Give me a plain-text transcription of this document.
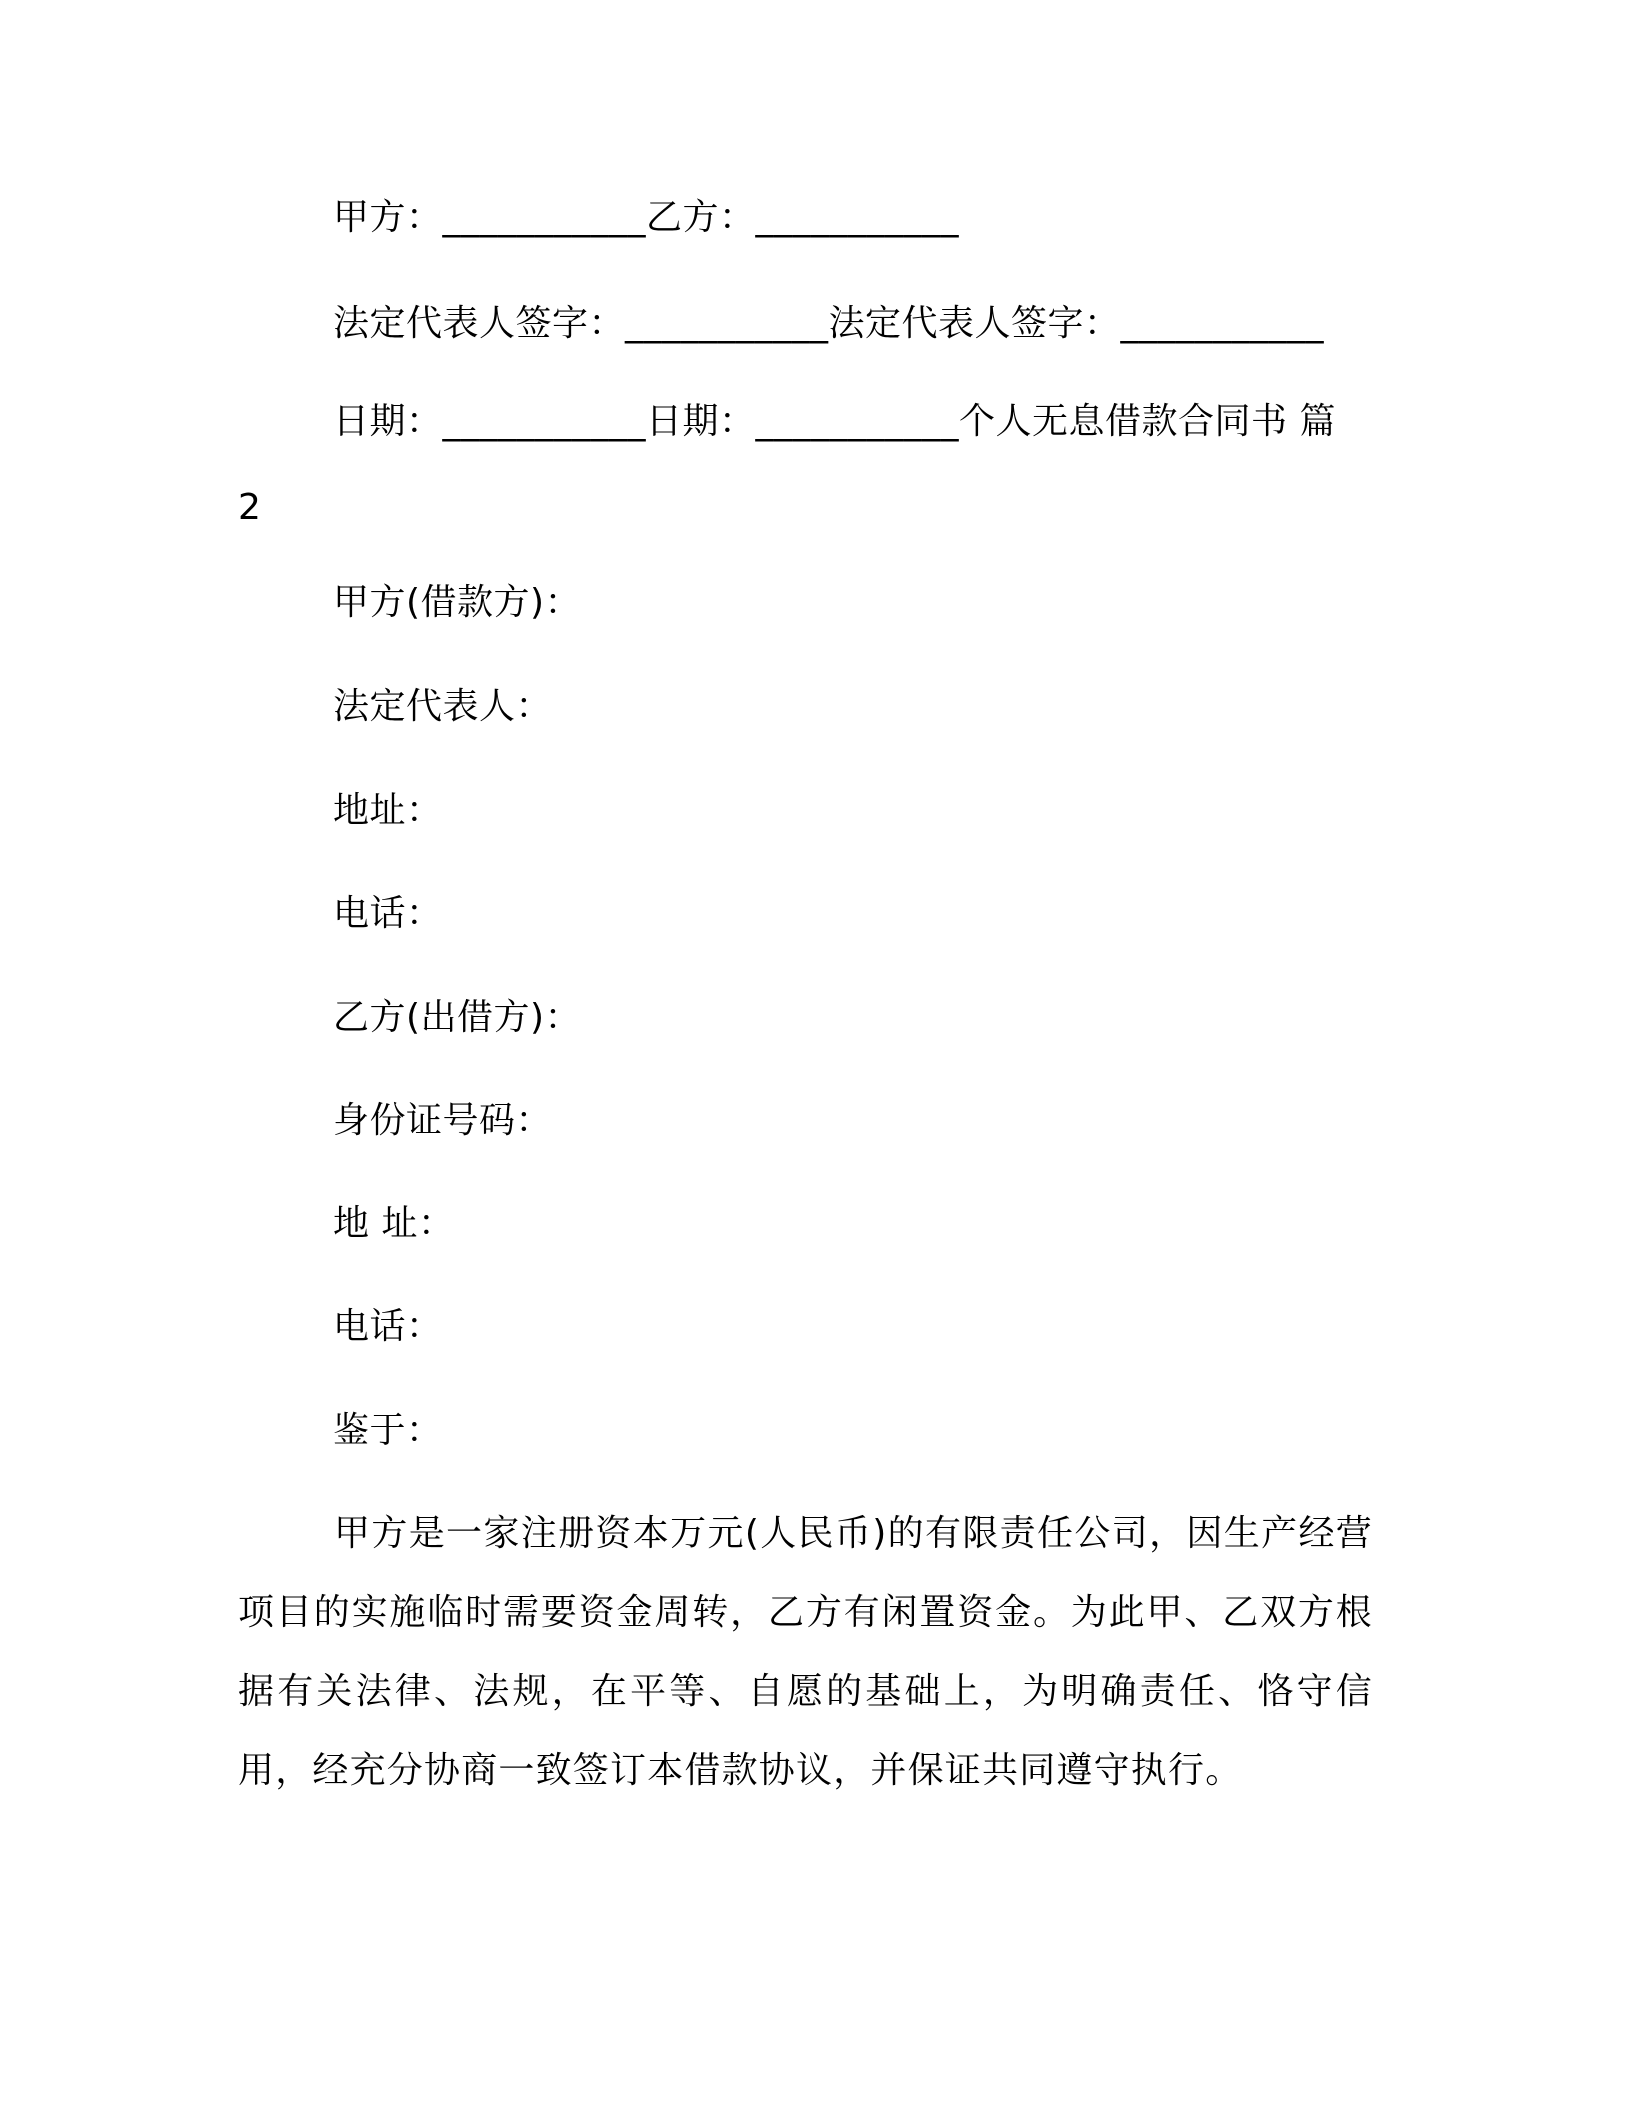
甲方：___________乙方：___________
法定代表人签字：___________法定代表人签字：___________
日期：___________日期：___________个人无息借款合同书 篇
2
甲方(借款方)：
法定代表人：
地址：
电话：
乙方(出借方)：
身份证号码：
地 址：
电话：
鉴于：
甲方是一家注册资本万元(人民币)的有限责任公司，因生产经营项目的实施临时需要资金周转，乙方有闲置资金。为此甲、乙双方根据有关法律、法规，在平等、自愿的基础上，为明确责任、恪守信用，经充分协商一致签订本借款协议，并保证共同遵守执行。
